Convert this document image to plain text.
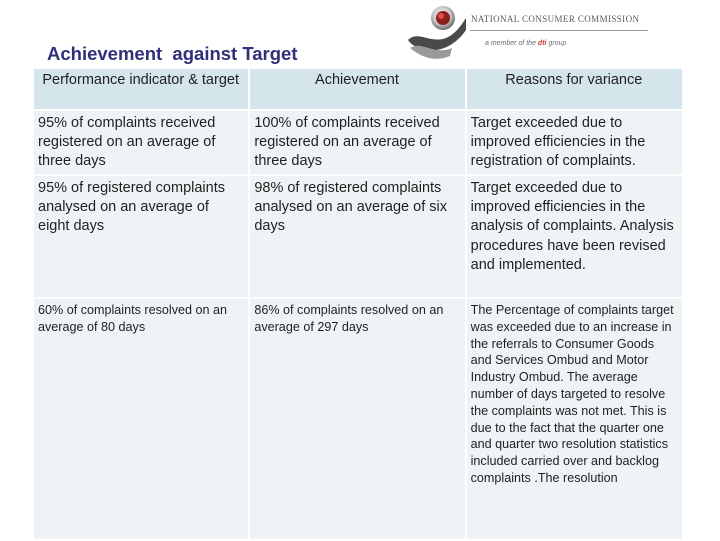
Achievement  against Target
NATIONAL CONSUMER COMMISSION
a member of the dti group
Performance indicator & target	Achievement	Reasons for variance
95% of complaints received registered on an average of three days	100% of complaints received registered on an average of three days	Target exceeded due to improved efficiencies in the registration of complaints.
95% of registered complaints analysed on an average of eight days	98% of registered complaints analysed on an average of six days	Target exceeded due to improved efficiencies in the analysis of complaints. Analysis procedures have been revised and implemented.
60% of complaints resolved on an average of 80 days	86% of complaints resolved on an average of 297 days	The Percentage of complaints target was exceeded due to an increase in the referrals to Consumer Goods and Services Ombud and Motor Industry Ombud. The average number of days targeted to resolve the complaints was not met. This is due to the fact that the quarter one and quarter two resolution statistics included carried over and backlog complaints .The resolution
